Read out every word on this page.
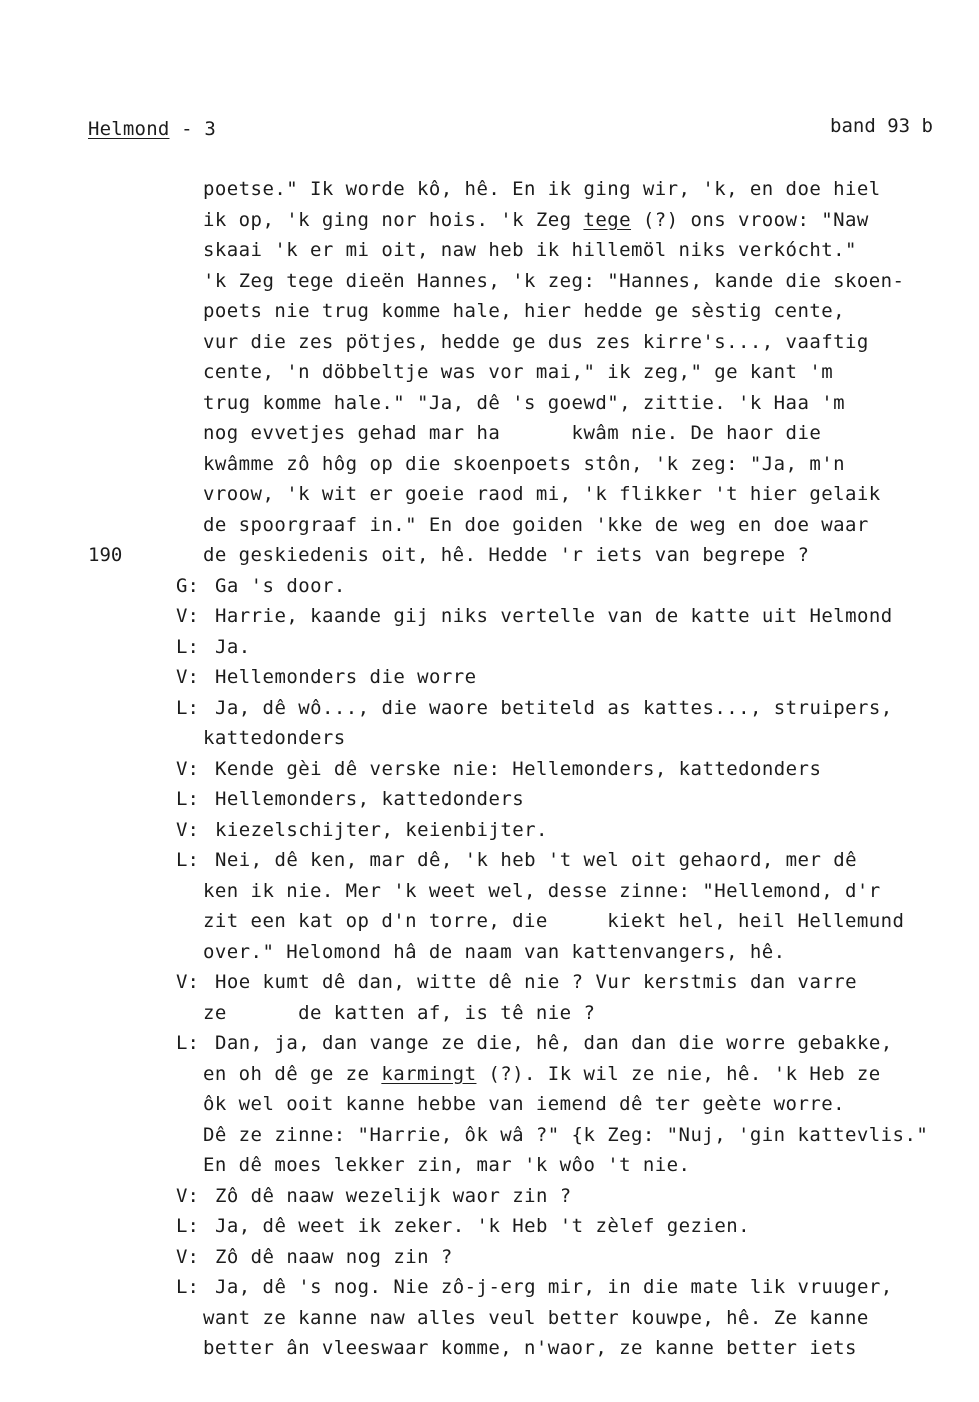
Helmond - 3	band 93 b
190
poetse." Ik worde kô, hê. En ik ging wir, 'k, en doe hiel
ik op, 'k ging nor hois. 'k Zeg tege (?) ons vroow: "Naw
skaai 'k er mi oit, naw heb ik hillemöl niks verkócht."
'k Zeg tege dieën Hannes, 'k zeg: "Hannes, kande die skoen-
poets nie trug komme hale, hier hedde ge sèstig cente,
vur die zes pötjes, hedde ge dus zes kirre's..., vaaftig
cente, 'n döbbeltje was vor mai," ik zeg," ge kant 'm
trug komme hale." "Ja, dê 's goewd", zittie. 'k Haa 'm
nog evvetjes gehad mar ha      kwâm nie. De haor die
kwâmme zô hôg op die skoenpoets stôn, 'k zeg: "Ja, m'n
vroow, 'k wit er goeie raod mi, 'k flikker 't hier gelaik
de spoorgraaf in." En doe goiden 'kke de weg en doe waar
de geskiedenis oit, hê. Hedde 'r iets van begrepe ?
G: Ga 's door.
V: Harrie, kaande gij niks vertelle van de katte uit Helmond
L: Ja.
V: Hellemonders die worre
L: Ja, dê wô..., die waore betiteld as kattes..., struipers,
kattedonders
V: Kende gèi dê verske nie: Hellemonders, kattedonders
L: Hellemonders, kattedonders
V: kiezelschijter, keienbijter.
L: Nei, dê ken, mar dê, 'k heb 't wel oit gehaord, mer dê
ken ik nie. Mer 'k weet wel, desse zinne: "Hellemond, d'r
zit een kat op d'n torre, die     kiekt hel, heil Hellemund
over." Helomond hâ de naam van kattenvangers, hê.
V: Hoe kumt dê dan, witte dê nie ? Vur kerstmis dan varre
ze      de katten af, is tê nie ?
L: Dan, ja, dan vange ze die, hê, dan dan die worre gebakke,
en oh dê ge ze karmingt (?). Ik wil ze nie, hê. 'k Heb ze
ôk wel ooit kanne hebbe van iemend dê ter geète worre.
Dê ze zinne: "Harrie, ôk wâ ?" {k Zeg: "Nuj, 'gin kattevlis."
En dê moes lekker zin, mar 'k wôo 't nie.
V: Zô dê naaw wezelijk waor zin ?
L: Ja, dê weet ik zeker. 'k Heb 't zèlef gezien.
V: Zô dê naaw nog zin ?
L: Ja, dê 's nog. Nie zô-j-erg mir, in die mate lik vruuger,
want ze kanne naw alles veul better kouwpe, hê. Ze kanne
better ân vleeswaar komme, n'waor, ze kanne better iets
